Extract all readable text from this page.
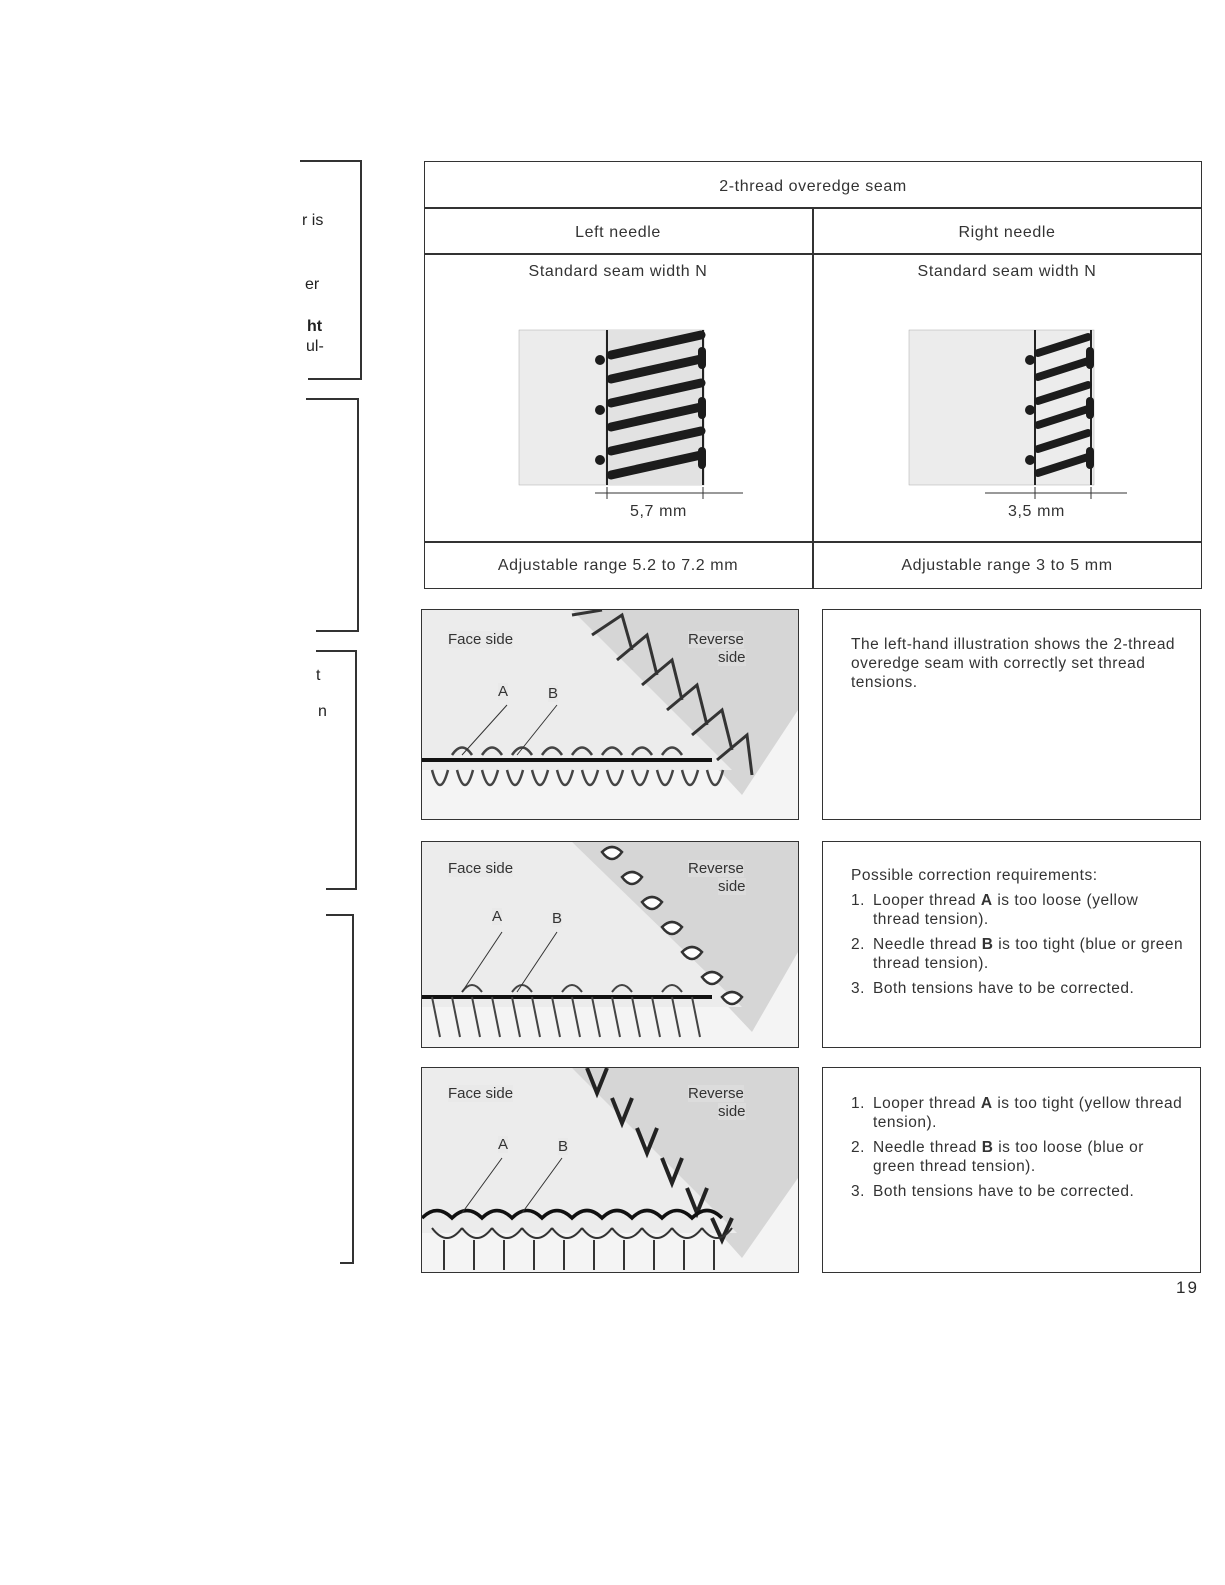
r is
er
ht
ul-
t
n
2-thread overedge seam
Left needle	Right needle
Standard seam width N	Standard seam width N
5,7 mm	3,5 mm
Adjustable range 5.2 to 7.2 mm	Adjustable range 3 to 5 mm
Face side	Reverse
side
A	B
The left-hand illustration shows the 2-thread overedge seam with correctly set thread tensions.
Face side	Reverse
side
A	B
Possible correction requirements:
1. Looper thread A is too loose (yellow thread tension).
2. Needle thread B is too tight (blue or green thread tension).
3. Both tensions have to be corrected.
Face side	Reverse
side
A	B
1. Looper thread A is too tight (yellow thread tension).
2. Needle thread B is too loose (blue or green thread tension).
3. Both tensions have to be corrected.
19
